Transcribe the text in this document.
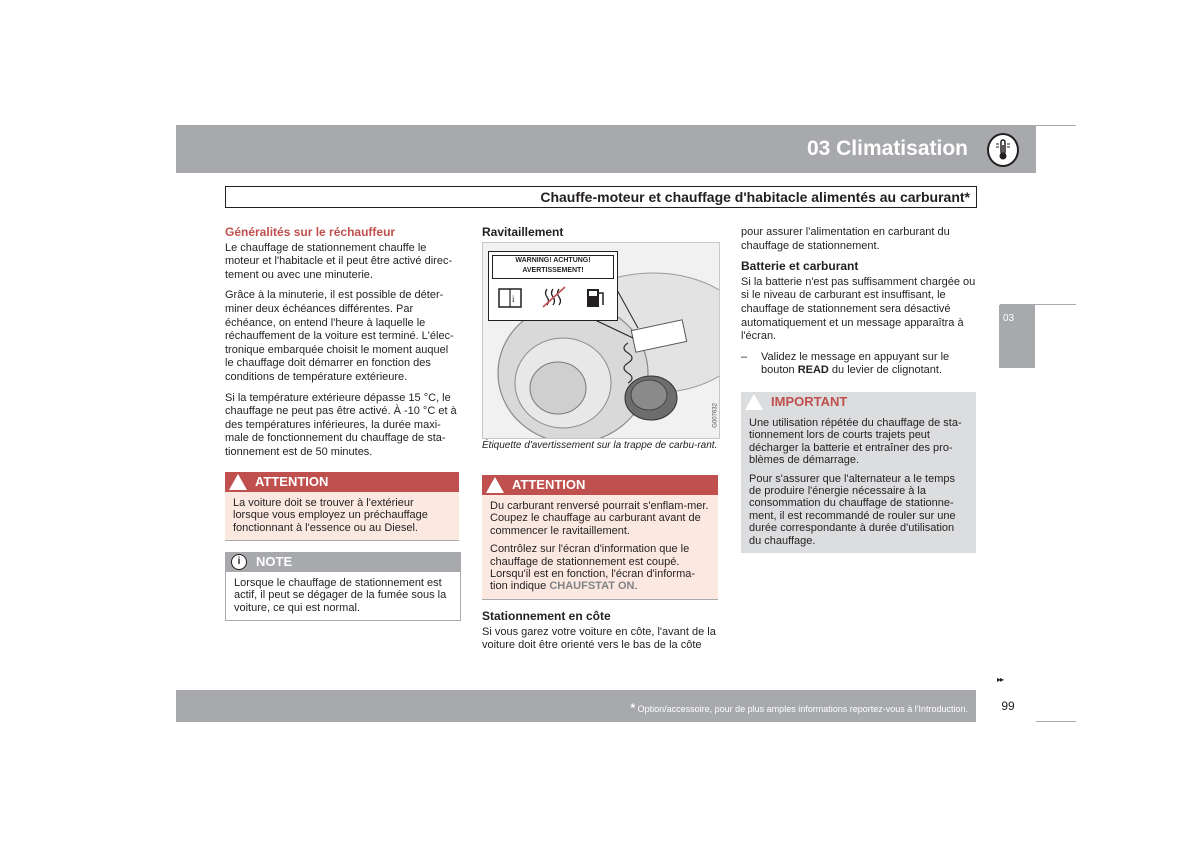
03 Climatisation
Chauffe-moteur et chauffage d'habitacle alimentés au carburant*
Généralités sur le réchauffeur

Le chauffage de stationnement chauffe le moteur et l'habitacle et il peut être activé direc-tement ou avec une minuterie.

Grâce à la minuterie, il est possible de déter-miner deux échéances différentes. Par échéance, on entend l'heure à laquelle le réchauffement de la voiture est terminé. L'élec-tronique embarquée choisit le moment auquel le chauffage doit démarrer en fonction des conditions de température extérieure.

Si la température extérieure dépasse 15 °C, le chauffage ne peut pas être activé. À -10 °C et à des températures inférieures, la durée maxi-male de fonctionnement du chauffage de sta-tionnement est de 50 minutes.

ATTENTION

La voiture doit se trouver à l'extérieur lorsque vous employez un préchauffage fonctionnant à l'essence ou au Diesel.

i	NOTE

Lorsque le chauffage de stationnement est actif, il peut se dégager de la fumée sous la voiture, ce qui est normal.

Ravitaillement
WARNING! ACHTUNG!
AVERTISSEMENT!
i
G007632
Étiquette d'avertissement sur la trappe de carbu-rant.
ATTENTION

Du carburant renversé pourrait s'enflam-mer. Coupez le chauffage au carburant avant de commencer le ravitaillement.

Contrôlez sur l'écran d'information que le chauffage de stationnement est coupé. Lorsqu'il est en fonction, l'écran d'informa-tion indique CHAUFSTAT ON.

Stationnement en côte

Si vous garez votre voiture en côte, l'avant de la voiture doit être orienté vers le bas de la côte

pour assurer l'alimentation en carburant du chauffage de stationnement.

Batterie et carburant

Si la batterie n'est pas suffisamment chargée ou si le niveau de carburant est insuffisant, le chauffage de stationnement sera désactivé automatiquement et un message apparaîtra à l'écran.

– Validez le message en appuyant sur le bouton READ du levier de clignotant.
IMPORTANT

Une utilisation répétée du chauffage de sta-tionnement lors de courts trajets peut décharger la batterie et entraîner des pro-blèmes de démarrage.

Pour s'assurer que l'alternateur a le temps de produire l'énergie nécessaire à la consommation du chauffage de stationne-ment, il est recommandé de rouler sur une durée correspondante à durée d'utilisation du chauffage.

03
▸▸
* Option/accessoire, pour de plus amples informations reportez-vous à l'Introduction.	99
